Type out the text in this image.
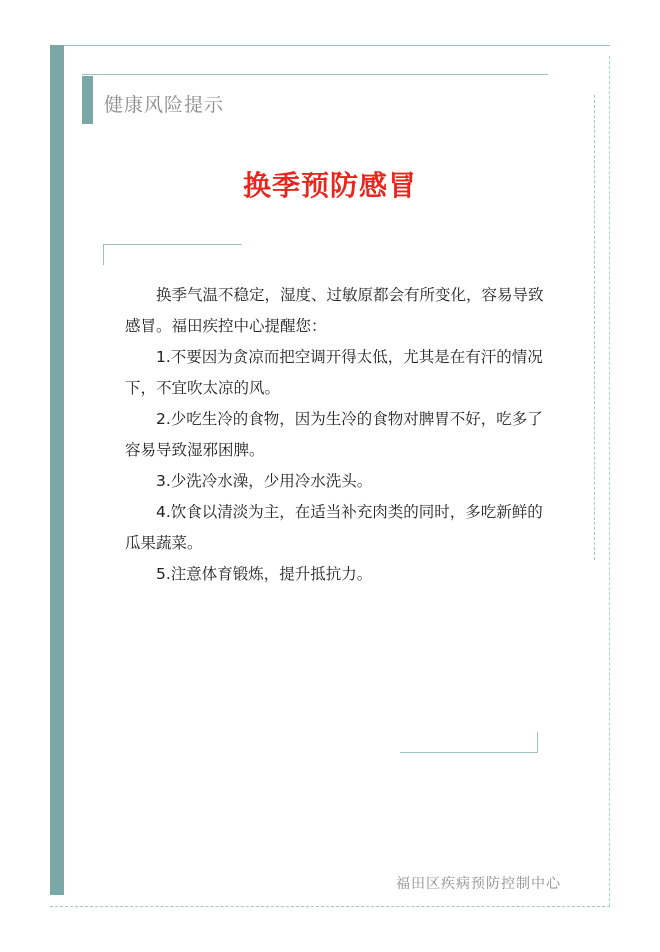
健康风险提示
换季预防感冒

换季气温不稳定，湿度、过敏原都会有所变化，容易导致感冒。福田疾控中心提醒您：

1.不要因为贪凉而把空调开得太低，尤其是在有汗的情况下，不宜吹太凉的风。

2.少吃生冷的食物，因为生冷的食物对脾胃不好，吃多了容易导致湿邪困脾。

3.少洗冷水澡，少用冷水洗头。

4.饮食以清淡为主，在适当补充肉类的同时，多吃新鲜的瓜果蔬菜。

5.注意体育锻炼，提升抵抗力。

福田区疾病预防控制中心
